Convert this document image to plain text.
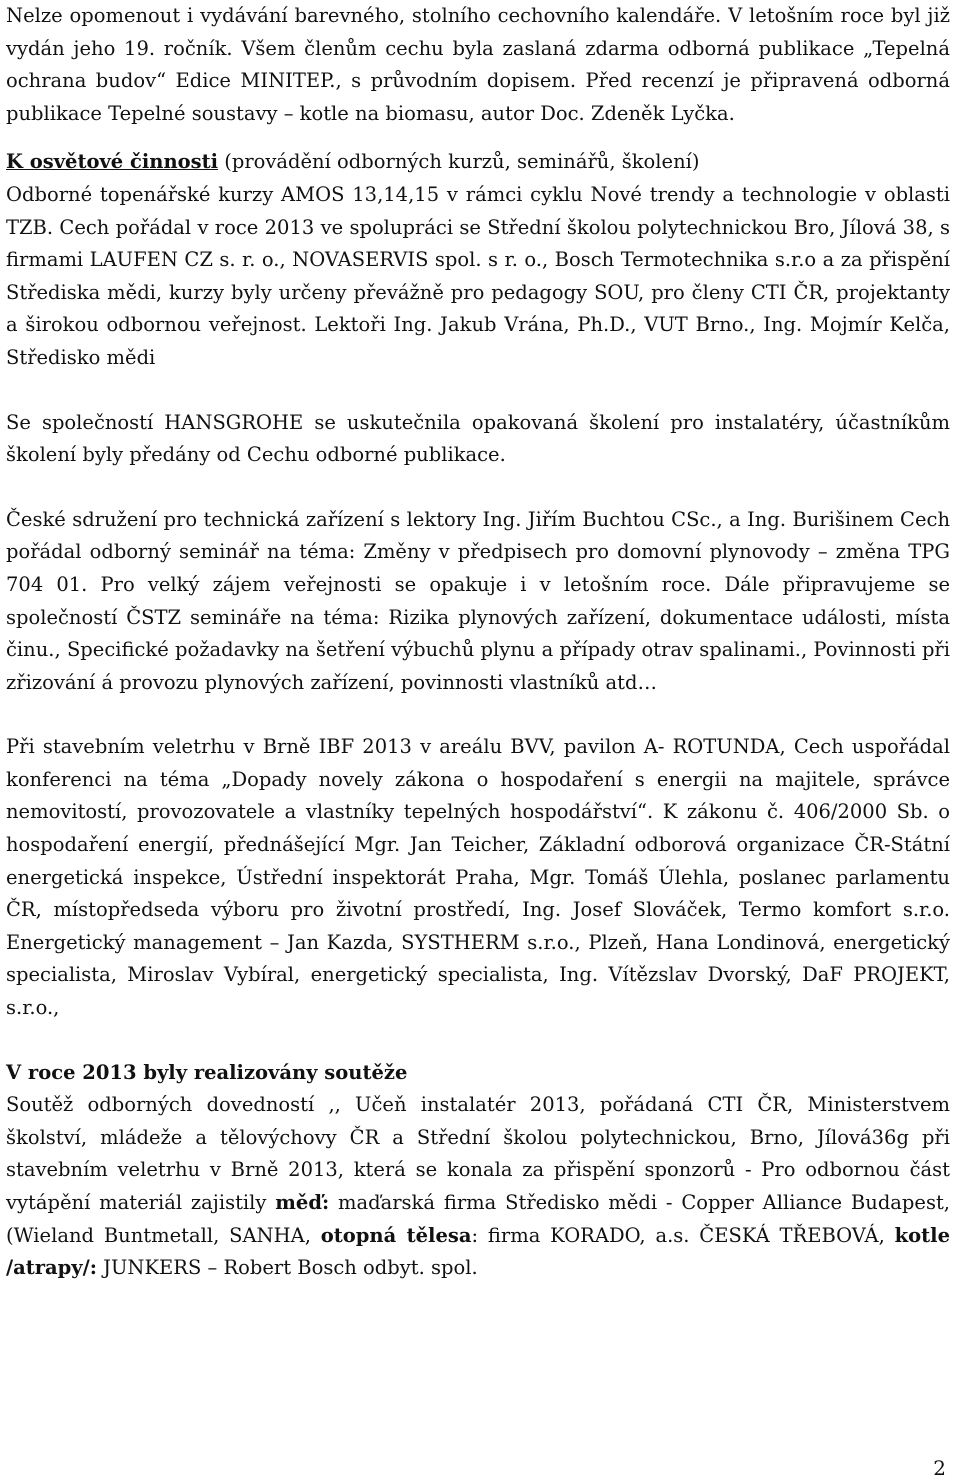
Nelze opomenout i vydávání barevného, stolního cechovního kalendáře. V letošním roce byl již vydán jeho 19. ročník. Všem členům cechu byla zaslaná zdarma odborná publikace „Tepelná ochrana budov“ Edice MINITEP., s průvodním dopisem. Před recenzí je připravená odborná publikace Tepelné soustavy – kotle na biomasu, autor Doc. Zdeněk Lyčka.

K osvětové činnosti (provádění odborných kurzů, seminářů, školení)

Odborné topenářské kurzy AMOS 13,14,15 v rámci cyklu Nové trendy a technologie v oblasti TZB. Cech pořádal v roce 2013 ve spolupráci se Střední školou polytechnickou Bro, Jílová 38, s firmami LAUFEN CZ s. r. o., NOVASERVIS spol. s r. o., Bosch Termotechnika s.r.o a za přispění Střediska mědi, kurzy byly určeny převážně pro pedagogy SOU, pro členy CTI ČR, projektanty a širokou odbornou veřejnost. Lektoři Ing. Jakub Vrána, Ph.D., VUT Brno., Ing. Mojmír Kelča, Středisko mědi

Se společností HANSGROHE se uskutečnila opakovaná školení pro instalatéry, účastníkům školení byly předány od Cechu odborné publikace.

České sdružení pro technická zařízení s lektory Ing. Jiřím Buchtou CSc., a Ing. Burišinem Cech pořádal odborný seminář na téma: Změny v předpisech pro domovní plynovody – změna TPG 704 01. Pro velký zájem veřejnosti se opakuje i v letošním roce. Dále připravujeme se společností ČSTZ semináře na téma: Rizika plynových zařízení, dokumentace události, místa činu., Specifické požadavky na šetření výbuchů plynu a případy otrav spalinami., Povinnosti při zřizování á provozu plynových zařízení, povinnosti vlastníků atd…

Při stavebním veletrhu v Brně IBF 2013 v areálu BVV, pavilon A- ROTUNDA, Cech uspořádal konferenci na téma „Dopady novely zákona o hospodaření s energii na majitele, správce nemovitostí, provozovatele a vlastníky tepelných hospodářství“. K zákonu č. 406/2000 Sb. o hospodaření energií, přednášející Mgr. Jan Teicher, Základní odborová organizace ČR-Státní energetická inspekce, Ústřední inspektorát Praha, Mgr. Tomáš Úlehla, poslanec parlamentu ČR, místopředseda výboru pro životní prostředí, Ing. Josef Slováček, Termo komfort s.r.o. Energetický management – Jan Kazda, SYSTHERM s.r.o., Plzeň, Hana Londinová, energetický specialista, Miroslav Vybíral, energetický specialista, Ing. Vítězslav Dvorský, DaF PROJEKT, s.r.o.,

V roce 2013 byly realizovány soutěže

Soutěž odborných dovedností ,, Učeň instalatér 2013, pořádaná CTI ČR, Ministerstvem školství, mládeže a tělovýchovy ČR a Střední školou polytechnickou, Brno, Jílová36g při stavebním veletrhu v Brně 2013, která se konala za přispění sponzorů - Pro odbornou část vytápění materiál zajistily měď: maďarská firma Středisko mědi - Copper Alliance Budapest, (Wieland Buntmetall, SANHA, otopná tělesa: firma KORADO, a.s. ČESKÁ TŘEBOVÁ, kotle /atrapy/: JUNKERS – Robert Bosch odbyt. spol.

2
